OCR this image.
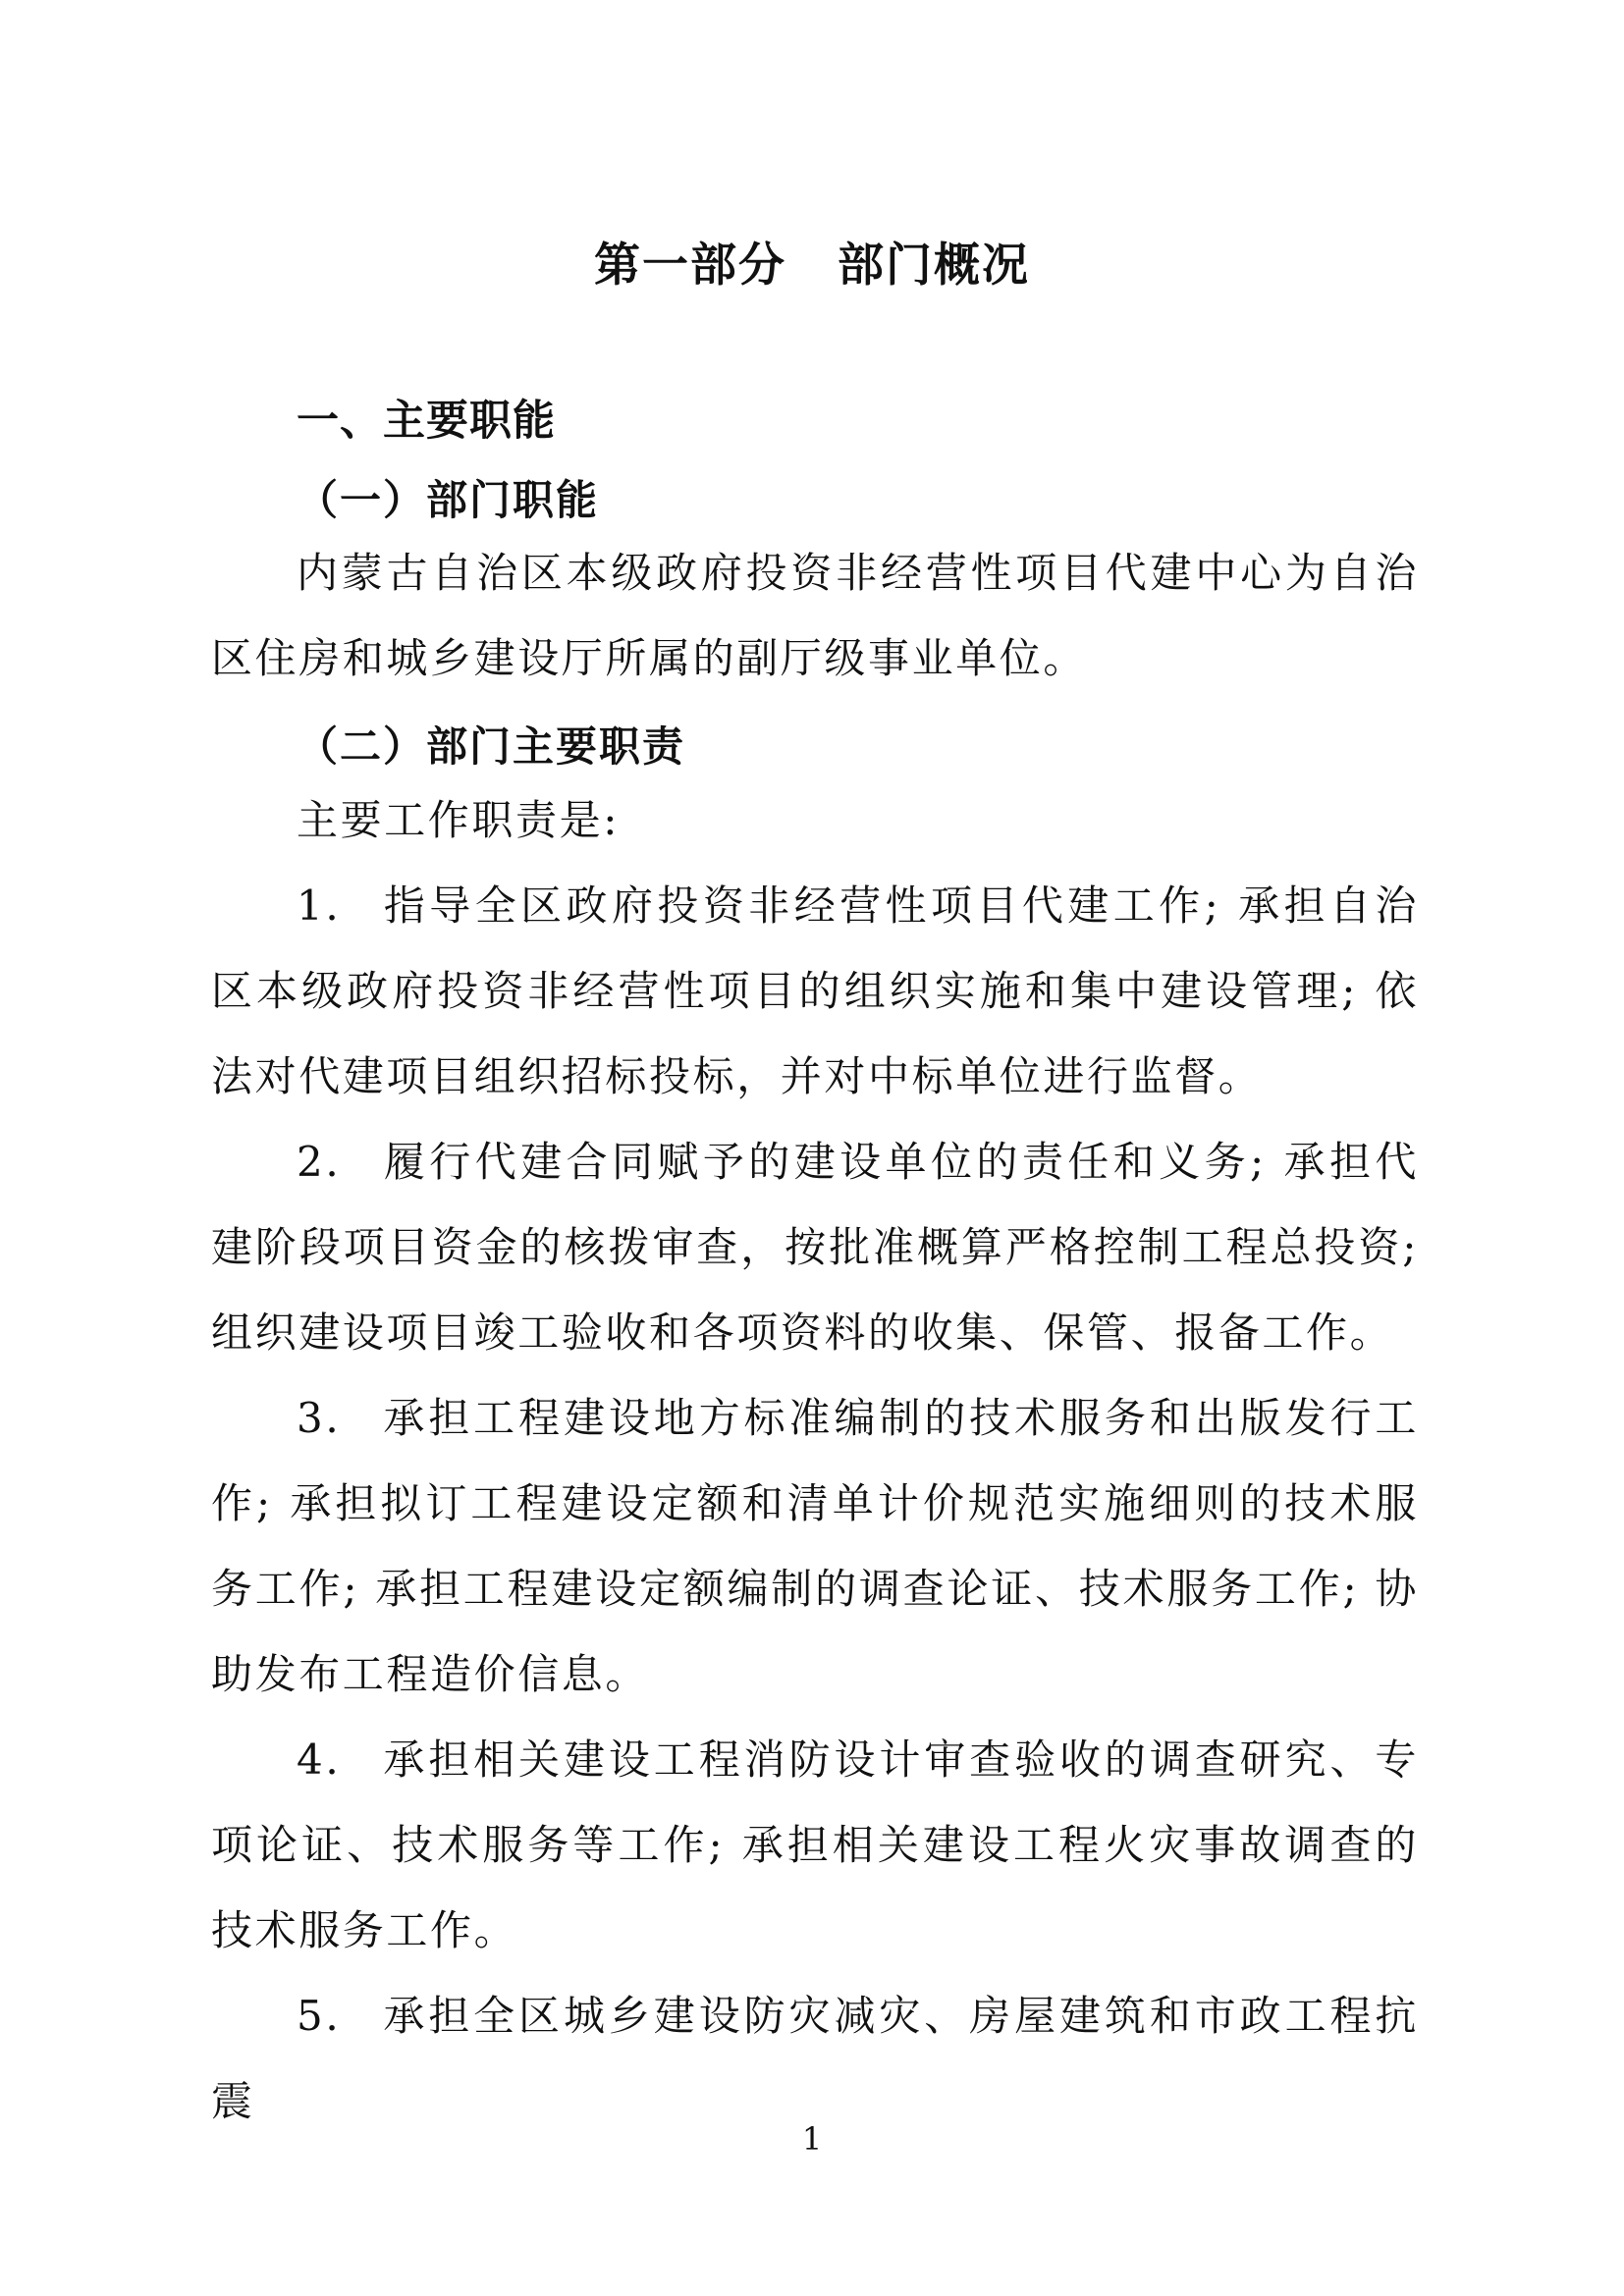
第一部分 部门概况
一、主要职能
（一）部门职能

内蒙古自治区本级政府投资非经营性项目代建中心为自治区住房和城乡建设厅所属的副厅级事业单位。

（二）部门主要职责

主要工作职责是:

1. 指导全区政府投资非经营性项目代建工作; 承担自治区本级政府投资非经营性项目的组织实施和集中建设管理; 依法对代建项目组织招标投标，并对中标单位进行监督。

2. 履行代建合同赋予的建设单位的责任和义务; 承担代建阶段项目资金的核拨审查，按批准概算严格控制工程总投资; 组织建设项目竣工验收和各项资料的收集、保管、报备工作。

3. 承担工程建设地方标准编制的技术服务和出版发行工作; 承担拟订工程建设定额和清单计价规范实施细则的技术服务工作; 承担工程建设定额编制的调查论证、技术服务工作; 协助发布工程造价信息。

4. 承担相关建设工程消防设计审查验收的调查研究、专项论证、技术服务等工作; 承担相关建设工程火灾事故调查的技术服务工作。

5. 承担全区城乡建设防灾减灾、房屋建筑和市政工程抗震

1
